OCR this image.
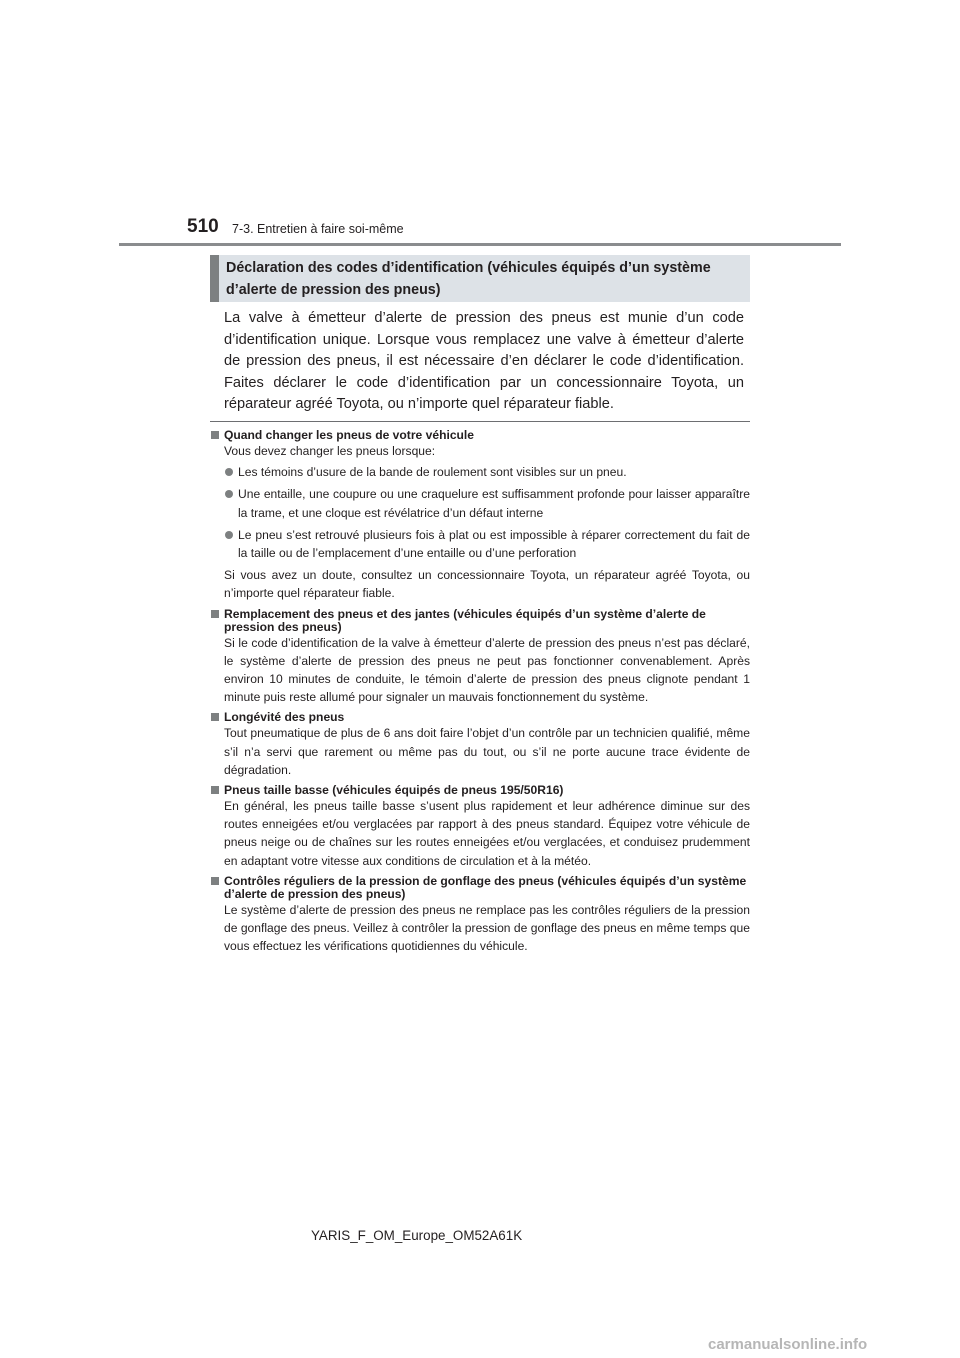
510 7-3. Entretien à faire soi-même
Déclaration des codes d’identification (véhicules équipés d’un système d’alerte de pression des pneus)
La valve à émetteur d’alerte de pression des pneus est munie d’un code d’identification unique. Lorsque vous remplacez une valve à émetteur d’alerte de pression des pneus, il est nécessaire d’en déclarer le code d’identification. Faites déclarer le code d’identification par un concessionnaire Toyota, un réparateur agréé Toyota, ou n’importe quel réparateur fiable.
Quand changer les pneus de votre véhicule
Vous devez changer les pneus lorsque:
Les témoins d’usure de la bande de roulement sont visibles sur un pneu.
Une entaille, une coupure ou une craquelure est suffisamment profonde pour laisser apparaître la trame, et une cloque est révélatrice d’un défaut interne
Le pneu s’est retrouvé plusieurs fois à plat ou est impossible à réparer correctement du fait de la taille ou de l’emplacement d’une entaille ou d’une perforation
Si vous avez un doute, consultez un concessionnaire Toyota, un réparateur agréé Toyota, ou n’importe quel réparateur fiable.
Remplacement des pneus et des jantes (véhicules équipés d’un système d’alerte de pression des pneus)
Si le code d’identification de la valve à émetteur d’alerte de pression des pneus n’est pas déclaré, le système d’alerte de pression des pneus ne peut pas fonctionner convenablement. Après environ 10 minutes de conduite, le témoin d’alerte de pression des pneus clignote pendant 1 minute puis reste allumé pour signaler un mauvais fonctionnement du système.
Longévité des pneus
Tout pneumatique de plus de 6 ans doit faire l’objet d’un contrôle par un technicien qualifié, même s’il n’a servi que rarement ou même pas du tout, ou s’il ne porte aucune trace évidente de dégradation.
Pneus taille basse (véhicules équipés de pneus 195/50R16)
En général, les pneus taille basse s’usent plus rapidement et leur adhérence diminue sur des routes enneigées et/ou verglacées par rapport à des pneus standard. Équipez votre véhicule de pneus neige ou de chaînes sur les routes enneigées et/ou verglacées, et conduisez prudemment en adaptant votre vitesse aux conditions de circulation et à la météo.
Contrôles réguliers de la pression de gonflage des pneus (véhicules équipés d’un système d’alerte de pression des pneus)
Le système d’alerte de pression des pneus ne remplace pas les contrôles réguliers de la pression de gonflage des pneus. Veillez à contrôler la pression de gonflage des pneus en même temps que vous effectuez les vérifications quotidiennes du véhicule.
YARIS_F_OM_Europe_OM52A61K
carmanualsonline.info
